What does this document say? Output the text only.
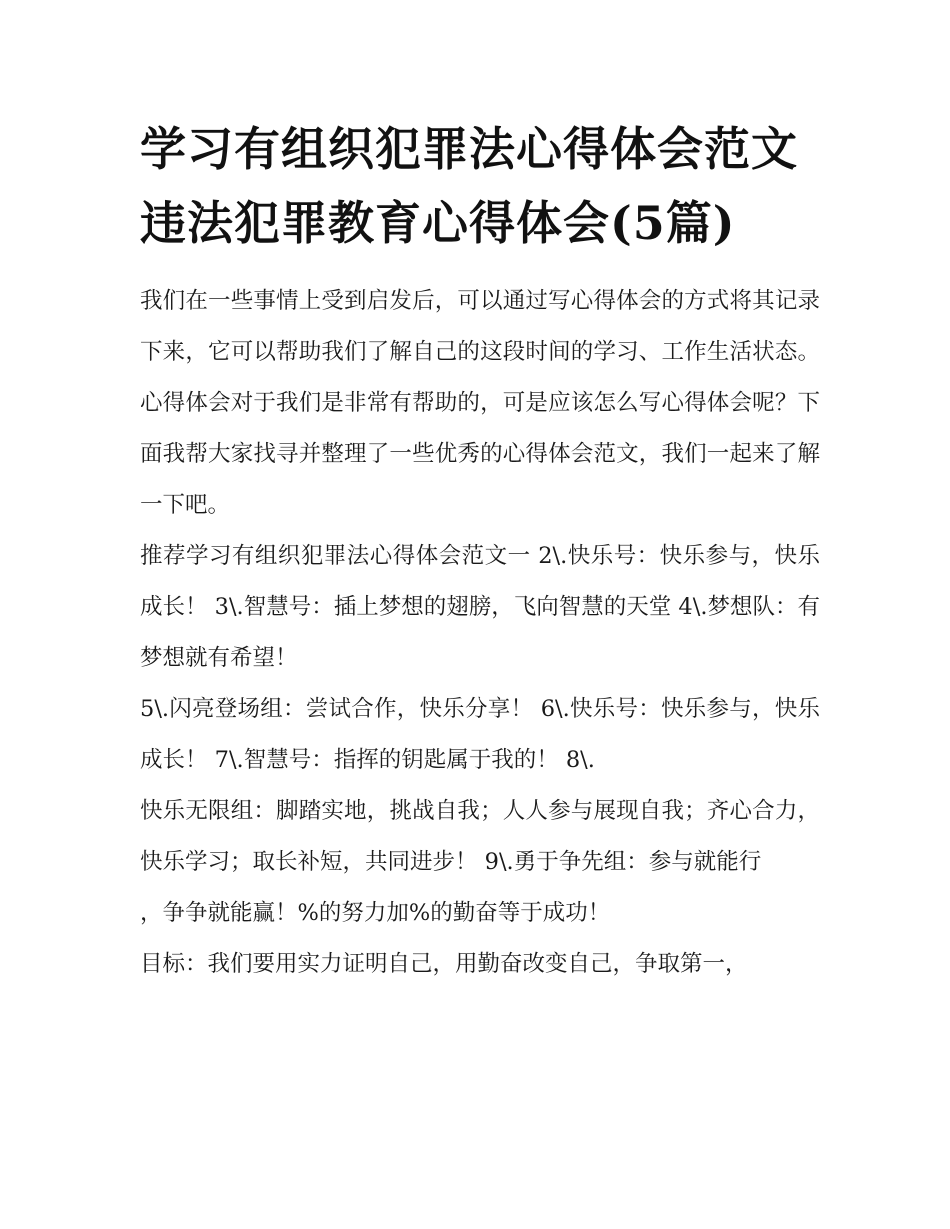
学习有组织犯罪法心得体会范文 违法犯罪教育心得体会(5篇)

我们在一些事情上受到启发后，可以通过写心得体会的方式将其记录下来，它可以帮助我们了解自己的这段时间的学习、工作生活状态。心得体会对于我们是非常有帮助的，可是应该怎么写心得体会呢？下面我帮大家找寻并整理了一些优秀的心得体会范文，我们一起来了解一下吧。

推荐学习有组织犯罪法心得体会范文一 2\.快乐号：快乐参与，快乐成长！ 3\.智慧号：插上梦想的翅膀，飞向智慧的天堂 4\.梦想队：有梦想就有希望！

5\.闪亮登场组：尝试合作，快乐分享！ 6\.快乐号：快乐参与，快乐成长！ 7\.智慧号：指挥的钥匙属于我的！ 8\.

快乐无限组：脚踏实地，挑战自我；人人参与展现自我；齐心合力，快乐学习；取长补短，共同进步！ 9\.勇于争先组：参与就能行

，争争就能赢！%的努力加%的勤奋等于成功！

目标：我们要用实力证明自己，用勤奋改变自己，争取第一，
